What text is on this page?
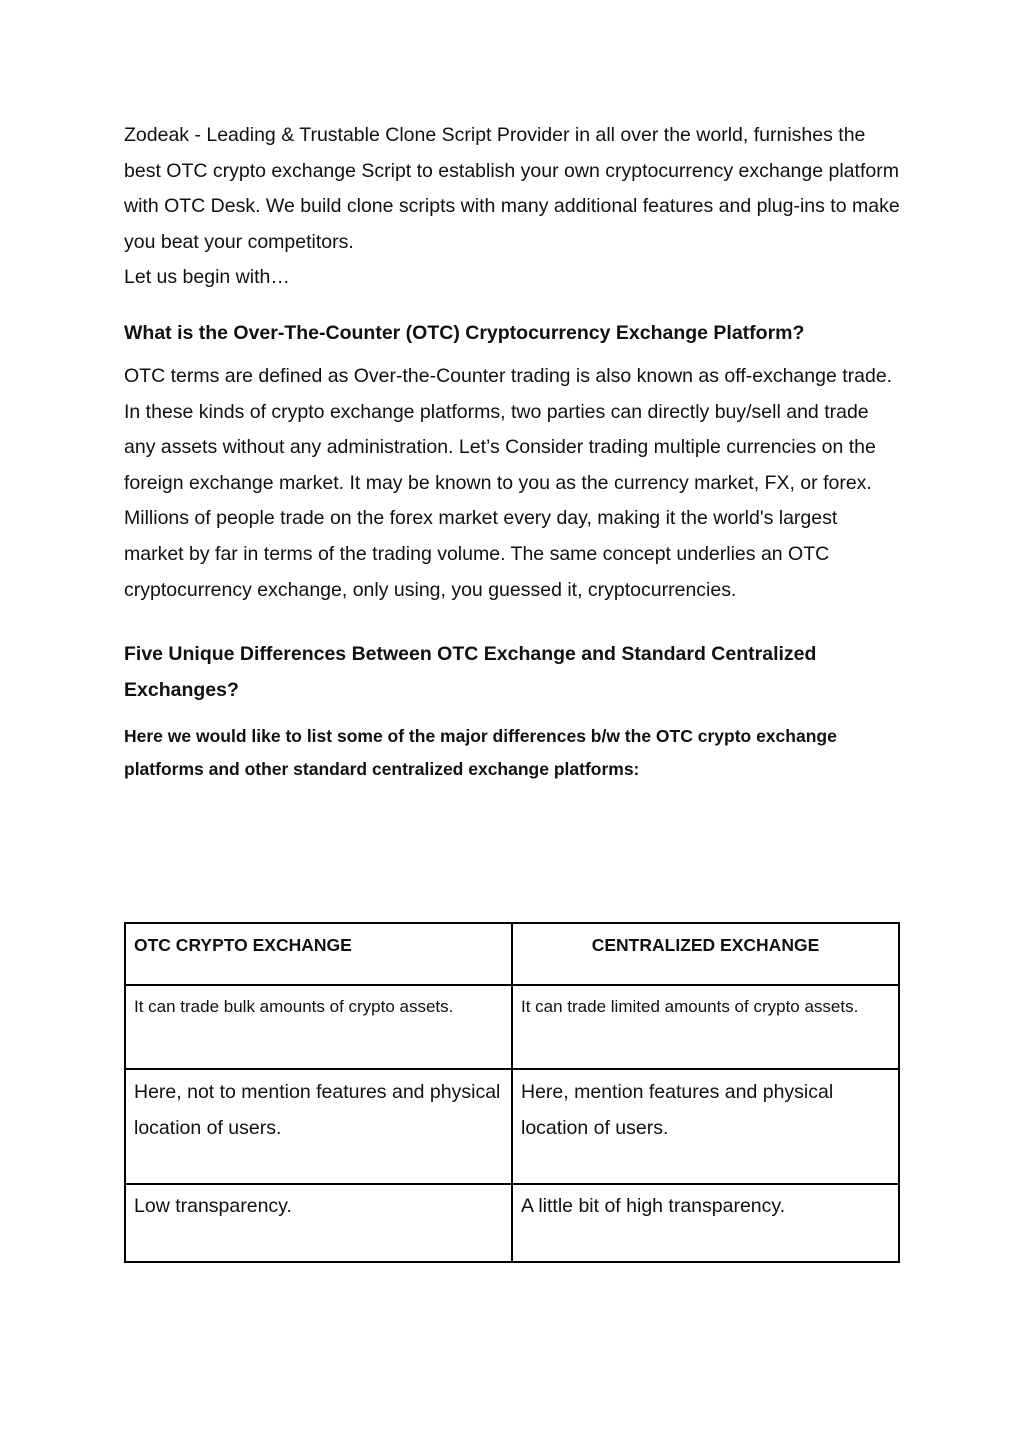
Zodeak - Leading & Trustable Clone Script Provider in all over the world, furnishes the best OTC crypto exchange Script to establish your own cryptocurrency exchange platform with OTC Desk. We build clone scripts with many additional features and plug-ins to make you beat your competitors.

Let us begin with…

What is the Over-The-Counter (OTC) Cryptocurrency Exchange Platform?

OTC terms are defined as Over-the-Counter trading is also known as off-exchange trade. In these kinds of crypto exchange platforms, two parties can directly buy/sell and trade any assets without any administration. Let’s Consider trading multiple currencies on the foreign exchange market. It may be known to you as the currency market, FX, or forex. Millions of people trade on the forex market every day, making it the world's largest market by far in terms of the trading volume. The same concept underlies an OTC cryptocurrency exchange, only using, you guessed it, cryptocurrencies.

Five Unique Differences Between OTC Exchange and Standard Centralized Exchanges?

Here we would like to list some of the major differences b/w the OTC crypto exchange platforms and other standard centralized exchange platforms:

OTC CRYPTO EXCHANGE	CENTRALIZED EXCHANGE

It can trade bulk amounts of crypto assets.	It can trade limited amounts of crypto assets.

Here, not to mention features and physical location of users.	Here, mention features and physical location of users.

Low transparency.	A little bit of high transparency.
